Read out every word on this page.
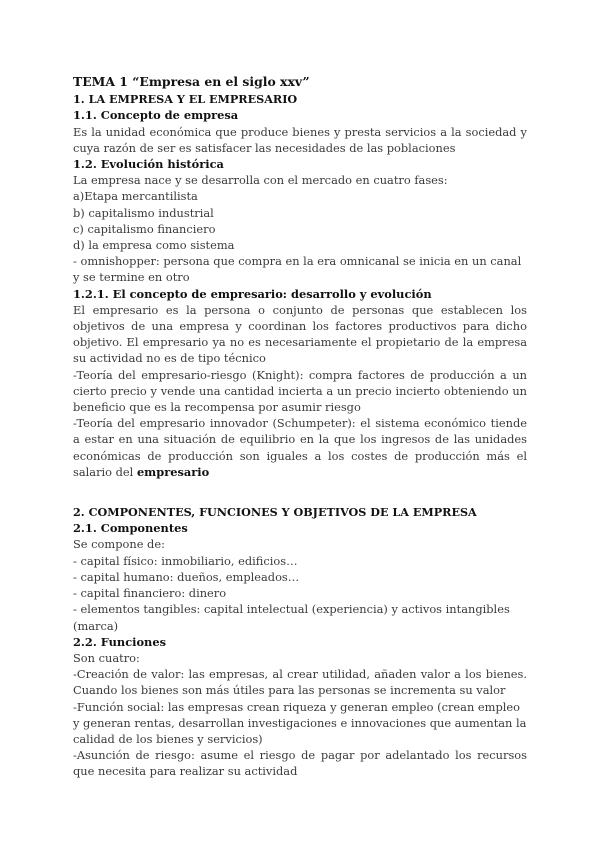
TEMA 1 “Empresa en el siglo xxv”

1. LA EMPRESA Y EL EMPRESARIO

1.1. Concepto de empresa

Es la unidad económica que produce bienes y presta servicios a la sociedad y cuya razón de ser es satisfacer las necesidades de las poblaciones

1.2. Evolución histórica

La empresa nace y se desarrolla con el mercado en cuatro fases:

a)Etapa mercantilista

b) capitalismo industrial

c) capitalismo financiero

d) la empresa como sistema

- omnishopper: persona que compra en la era omnicanal se inicia en un canal y se termine en otro

1.2.1. El concepto de empresario: desarrollo y evolución

El empresario es la persona o conjunto de personas que establecen los objetivos de una empresa y coordinan los factores productivos para dicho objetivo. El empresario ya no es necesariamente el propietario de la empresa su actividad no es de tipo técnico

-Teoría del empresario-riesgo (Knight): compra factores de producción a un cierto precio y vende una cantidad incierta a un precio incierto obteniendo un beneficio que es la recompensa por asumir riesgo

-Teoría del empresario innovador (Schumpeter): el sistema económico tiende a estar en una situación de equilibrio en la que los ingresos de las unidades económicas de producción son iguales a los costes de producción más el salario del empresario

2. COMPONENTES, FUNCIONES Y OBJETIVOS DE LA EMPRESA

2.1. Componentes

Se compone de:

- capital físico: inmobiliario, edificios…

- capital humano: dueños, empleados…

- capital financiero: dinero

- elementos tangibles: capital intelectual (experiencia) y activos intangibles (marca)

2.2. Funciones

Son cuatro:

-Creación de valor: las empresas, al crear utilidad, añaden valor a los bienes. Cuando los bienes son más útiles para las personas se incrementa su valor

-Función social: las empresas crean riqueza y generan empleo (crean empleo y generan rentas, desarrollan investigaciones e innovaciones que aumentan la calidad de los bienes y servicios)

-Asunción de riesgo: asume el riesgo de pagar por adelantado los recursos que necesita para realizar su actividad
